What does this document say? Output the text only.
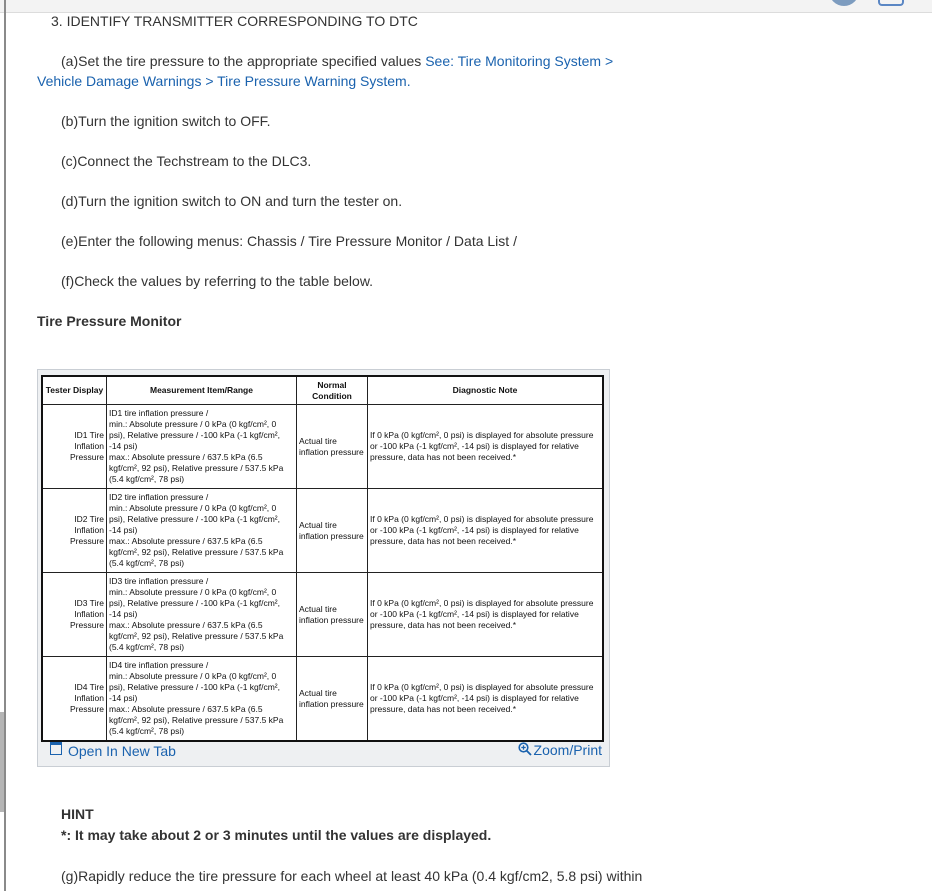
3. IDENTIFY TRANSMITTER CORRESPONDING TO DTC
(a)Set the tire pressure to the appropriate specified values See: Tire Monitoring System >
Vehicle Damage Warnings > Tire Pressure Warning System.
(b)Turn the ignition switch to OFF.
(c)Connect the Techstream to the DLC3.
(d)Turn the ignition switch to ON and turn the tester on.
(e)Enter the following menus: Chassis / Tire Pressure Monitor / Data List /
(f)Check the values by referring to the table below.
Tire Pressure Monitor
Tester Display	Measurement Item/Range	Normal Condition	Diagnostic Note
ID1 Tire Inflation Pressure	ID1 tire inflation pressure /
min.: Absolute pressure / 0 kPa (0 kgf/cm², 0 psi), Relative pressure / -100 kPa (-1 kgf/cm², -14 psi)
max.: Absolute pressure / 637.5 kPa (6.5 kgf/cm², 92 psi), Relative pressure / 537.5 kPa (5.4 kgf/cm², 78 psi)	Actual tire inflation pressure	If 0 kPa (0 kgf/cm², 0 psi) is displayed for absolute pressure or -100 kPa (-1 kgf/cm², -14 psi) is displayed for relative pressure, data has not been received.*
ID2 Tire Inflation Pressure	ID2 tire inflation pressure /
min.: Absolute pressure / 0 kPa (0 kgf/cm², 0 psi), Relative pressure / -100 kPa (-1 kgf/cm², -14 psi)
max.: Absolute pressure / 637.5 kPa (6.5 kgf/cm², 92 psi), Relative pressure / 537.5 kPa (5.4 kgf/cm², 78 psi)	Actual tire inflation pressure	If 0 kPa (0 kgf/cm², 0 psi) is displayed for absolute pressure or -100 kPa (-1 kgf/cm², -14 psi) is displayed for relative pressure, data has not been received.*
ID3 Tire Inflation Pressure	ID3 tire inflation pressure /
min.: Absolute pressure / 0 kPa (0 kgf/cm², 0 psi), Relative pressure / -100 kPa (-1 kgf/cm², -14 psi)
max.: Absolute pressure / 637.5 kPa (6.5 kgf/cm², 92 psi), Relative pressure / 537.5 kPa (5.4 kgf/cm², 78 psi)	Actual tire inflation pressure	If 0 kPa (0 kgf/cm², 0 psi) is displayed for absolute pressure or -100 kPa (-1 kgf/cm², -14 psi) is displayed for relative pressure, data has not been received.*
ID4 Tire Inflation Pressure	ID4 tire inflation pressure /
min.: Absolute pressure / 0 kPa (0 kgf/cm², 0 psi), Relative pressure / -100 kPa (-1 kgf/cm², -14 psi)
max.: Absolute pressure / 637.5 kPa (6.5 kgf/cm², 92 psi), Relative pressure / 537.5 kPa (5.4 kgf/cm², 78 psi)	Actual tire inflation pressure	If 0 kPa (0 kgf/cm², 0 psi) is displayed for absolute pressure or -100 kPa (-1 kgf/cm², -14 psi) is displayed for relative pressure, data has not been received.*
Open In New Tab	Zoom/Print
HINT
*: It may take about 2 or 3 minutes until the values are displayed.
(g)Rapidly reduce the tire pressure for each wheel at least 40 kPa (0.4 kgf/cm2, 5.8 psi) within
